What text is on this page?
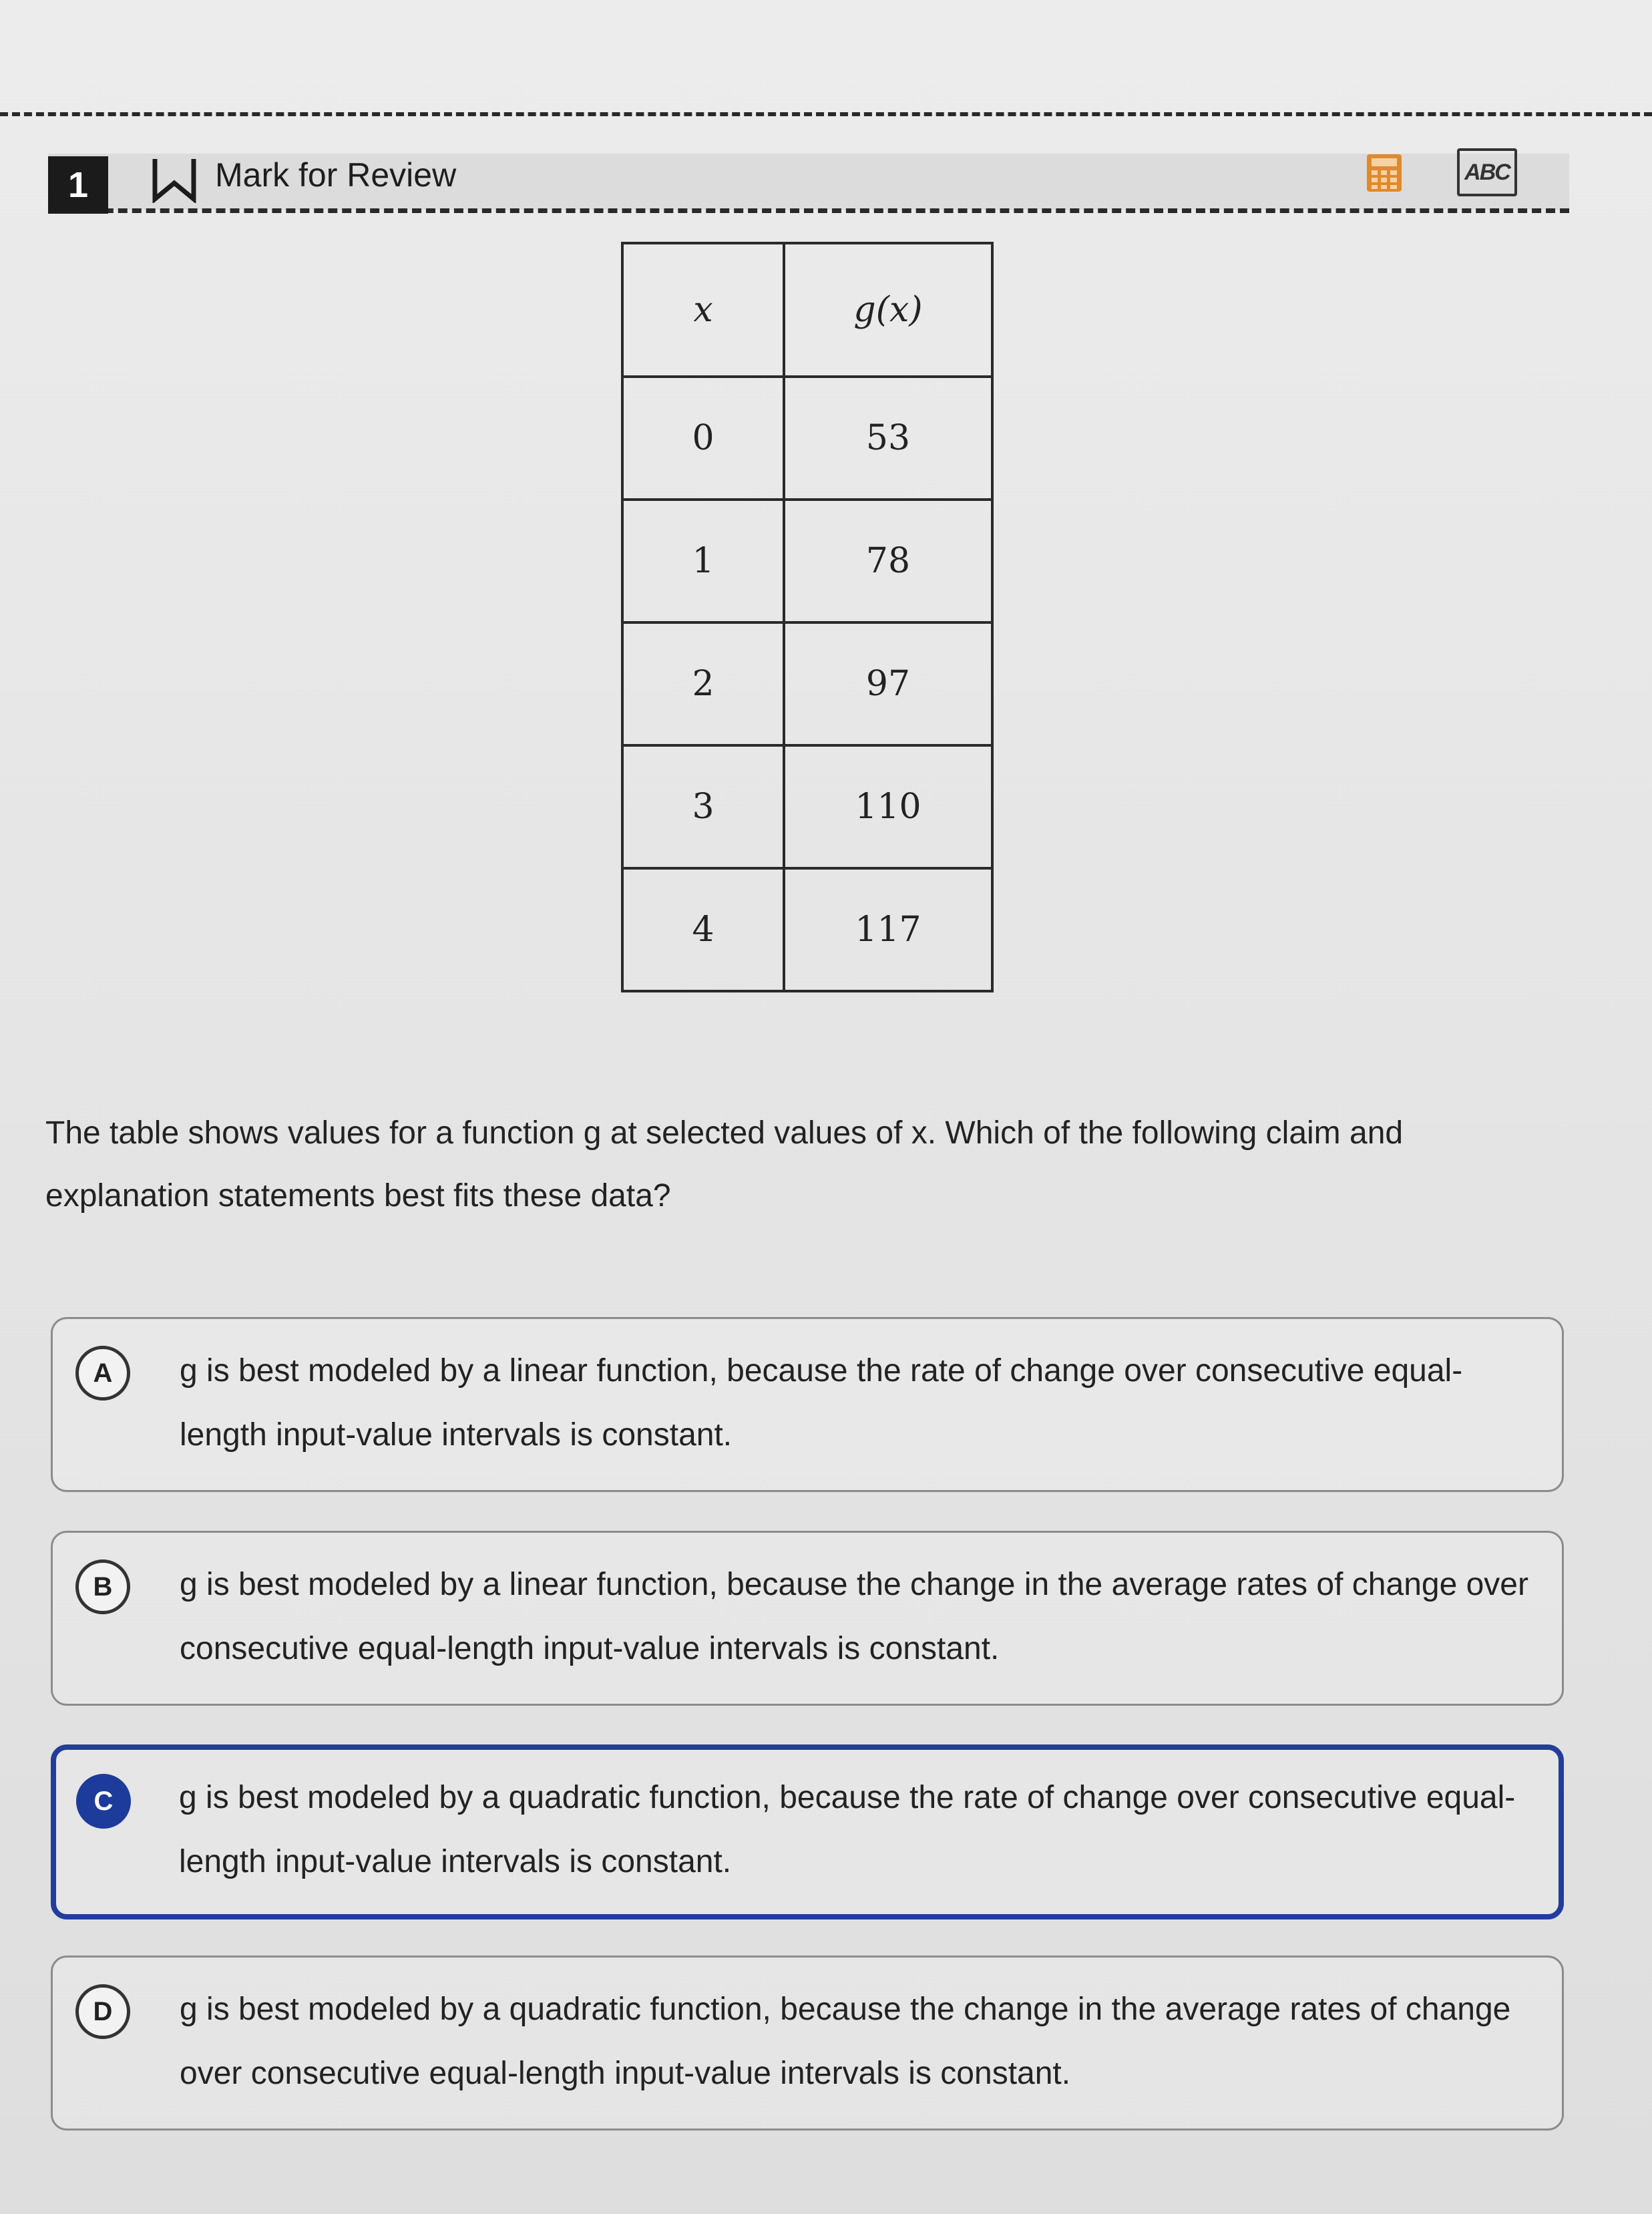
1	Mark for Review	ABC
x	g(x)
0	53
1	78
2	97
3	110
4	117
The table shows values for a function g at selected values of x. Which of the following claim and explanation statements best fits these data?
A	g is best modeled by a linear function, because the rate of change over consecutive equal-length input-value intervals is constant.
B	g is best modeled by a linear function, because the change in the average rates of change over consecutive equal-length input-value intervals is constant.
C	g is best modeled by a quadratic function, because the rate of change over consecutive equal-length input-value intervals is constant.
D	g is best modeled by a quadratic function, because the change in the average rates of change over consecutive equal-length input-value intervals is constant.
